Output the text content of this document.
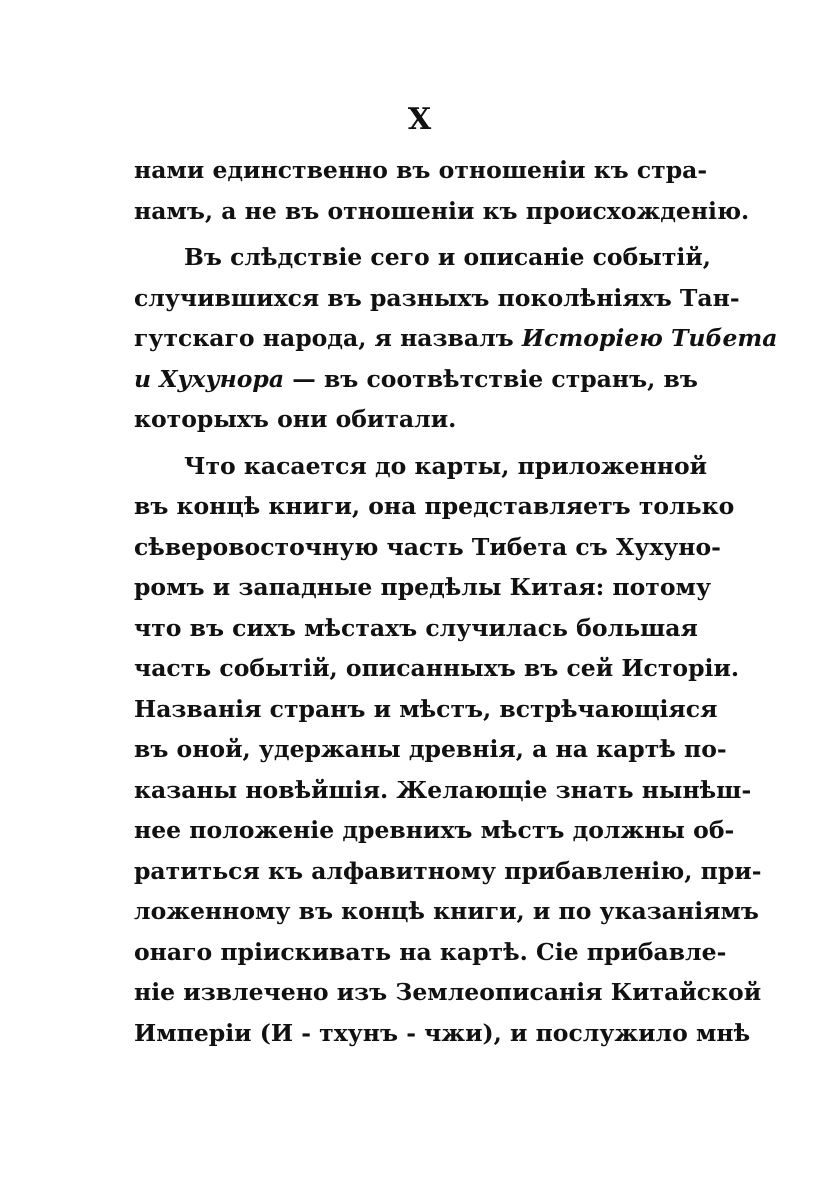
X
нами единственно въ отношеніи къ стра-
намъ, а не въ отношеніи къ происхожденію.
Въ слѣдствіе сего и описаніе событій,
случившихся въ разныхъ поколѣніяхъ Тан-
гутскаго народа, я назвалъ Исторіею Тибета
и Хухунора — въ соотвѣтствіе странъ, въ
которыхъ они обитали.
Что касается до карты, приложенной
въ концѣ книги, она представляетъ только
сѣверовосточную часть Тибета съ Хухуно-
ромъ и западные предѣлы Китая: потому
что въ сихъ мѣстахъ случилась большая
часть событій, описанныхъ въ сей Исторіи.
Названія странъ и мѣстъ, встрѣчающіяся
въ оной, удержаны древнія, а на картѣ по-
казаны новѣйшія. Желающіе знать нынѣш-
нее положеніе древнихъ мѣстъ должны об-
ратиться къ алфавитному прибавленію, при-
ложенному въ концѣ книги, и по указаніямъ
онаго пріискивать на картѣ. Сіе прибавле-
ніе извлечено изъ Землеописанія Китайской
Имперіи (И - тхунъ - чжи), и послужило мнѣ
